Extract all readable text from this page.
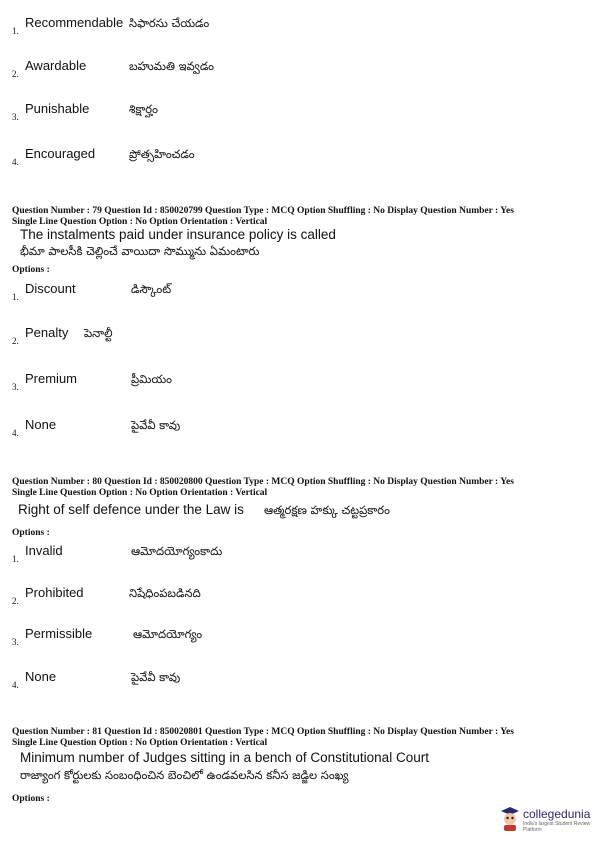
1.
Recommendable సిఫారసు చేయడం
2.
Awardable	బహుమతి ఇవ్వడం
3.
Punishable	శిక్షార్హం
4.
Encouraged	ప్రోత్సహించడం
Question Number : 79 Question Id : 850020799 Question Type : MCQ Option Shuffling : No Display Question Number : Yes
Single Line Question Option : No Option Orientation : Vertical
The instalments paid under insurance policy is called
భీమా పాలసీకి చెల్లించే వాయిదా సొమ్మును ఏమంటారు
Options :
1.
Discount	డిస్కౌంట్
2.
Penalty పెనాల్టీ
3.
Premium	ప్రీమియం
4.
None	పైవేవీ కావు
Question Number : 80 Question Id : 850020800 Question Type : MCQ Option Shuffling : No Display Question Number : Yes
Single Line Question Option : No Option Orientation : Vertical
Right of self defence under the Law is ఆత్మరక్షణ హక్కు చట్టప్రకారం
Options :
1.
Invalid	ఆమోదయోగ్యంకాదు
2.
Prohibited	నిషేధింపబడినది
3.
Permissible	ఆమోదయోగ్యం
4.
None	పైవేవీ కావు
Question Number : 81 Question Id : 850020801 Question Type : MCQ Option Shuffling : No Display Question Number : Yes
Single Line Question Option : No Option Orientation : Vertical
Minimum number of Judges sitting in a bench of Constitutional Court
రాజ్యాంగ కోర్టులకు సంబంధించిన బెంచిలో ఉండవలసిన కనీస జడ్జిల సంఖ్య
Options :
collegedunia
India's largest Student Review Platform
